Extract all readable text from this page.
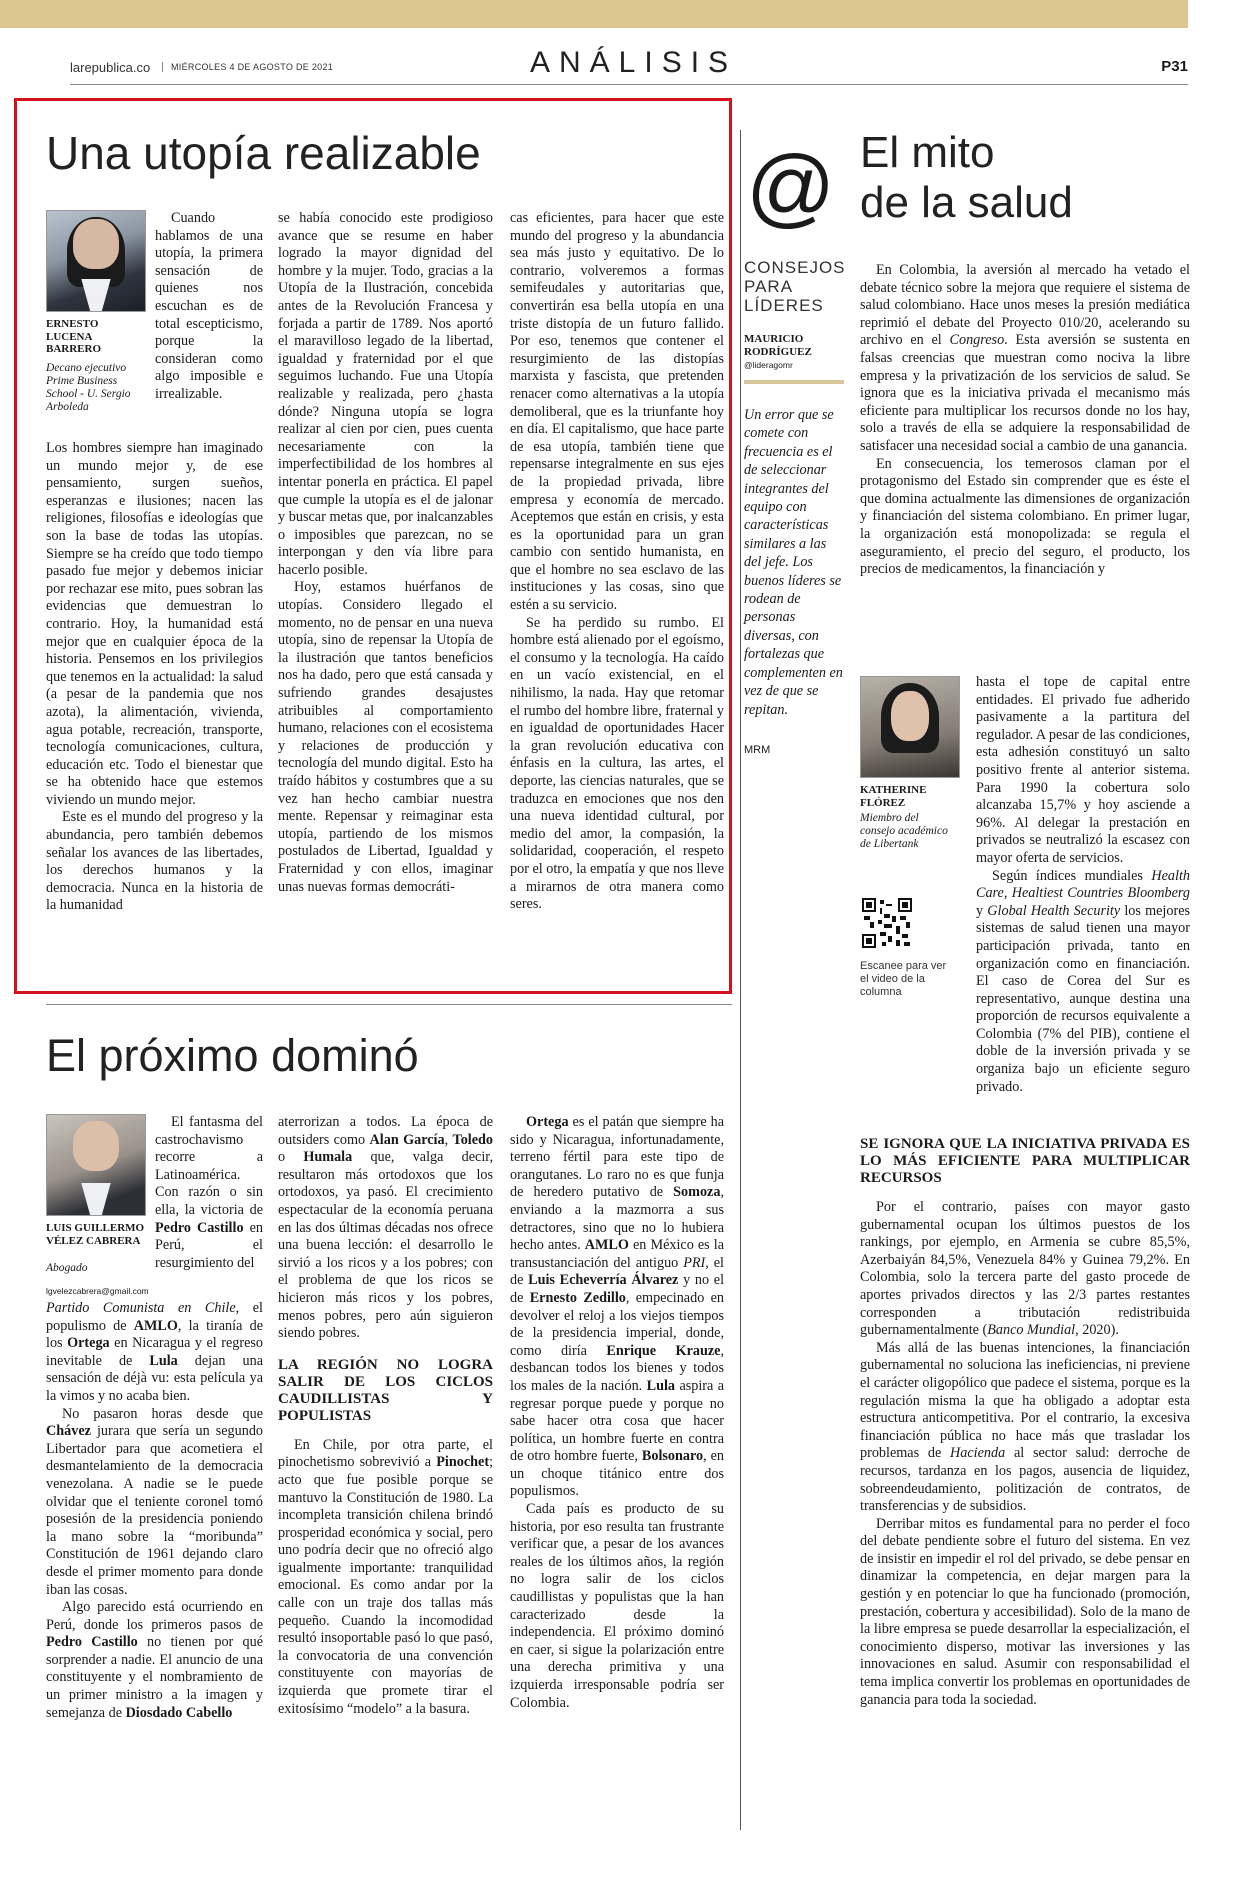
larepublica.co	MIÉRCOLES 4 DE AGOSTO DE 2021	ANÁLISIS	P31
Una utopía realizable
ERNESTO LUCENA BARRERO
Decano ejecutivo Prime Business School - U. Sergio Arboleda

Cuando hablamos de una utopía, la primera sensación de quienes nos escuchan es de total escepticismo, porque la consideran como algo imposible e irrealizable.

Los hombres siempre han imaginado un mundo mejor y, de ese pensamiento, surgen sueños, esperanzas e ilusiones; nacen las religiones, filosofías e ideologías que son la base de todas las utopías. Siempre se ha creído que todo tiempo pasado fue mejor y debemos iniciar por rechazar ese mito, pues sobran las evidencias que demuestran lo contrario. Hoy, la humanidad está mejor que en cualquier época de la historia. Pensemos en los privilegios que tenemos en la actualidad: la salud (a pesar de la pandemia que nos azota), la alimentación, vivienda, agua potable, recreación, transporte, tecnología comunicaciones, cultura, educación etc. Todo el bienestar que se ha obtenido hace que estemos viviendo un mundo mejor.

Este es el mundo del progreso y la abundancia, pero también debemos señalar los avances de las libertades, los derechos humanos y la democracia. Nunca en la historia de la humanidad

se había conocido este prodigioso avance que se resume en haber logrado la mayor dignidad del hombre y la mujer. Todo, gracias a la Utopía de la Ilustración, concebida antes de la Revolución Francesa y forjada a partir de 1789. Nos aportó el maravilloso legado de la libertad, igualdad y fraternidad por el que seguimos luchando. Fue una Utopía realizable y realizada, pero ¿hasta dónde? Ninguna utopía se logra realizar al cien por cien, pues cuenta necesariamente con la imperfectibilidad de los hombres al intentar ponerla en práctica. El papel que cumple la utopía es el de jalonar y buscar metas que, por inalcanzables o imposibles que parezcan, no se interpongan y den vía libre para hacerlo posible.

Hoy, estamos huérfanos de utopías. Considero llegado el momento, no de pensar en una nueva utopía, sino de repensar la Utopía de la ilustración que tantos beneficios nos ha dado, pero que está cansada y sufriendo grandes desajustes atribuibles al comportamiento humano, relaciones con el ecosistema y relaciones de producción y tecnología del mundo digital. Esto ha traído hábitos y costumbres que a su vez han hecho cambiar nuestra mente. Repensar y reimaginar esta utopía, partiendo de los mismos postulados de Libertad, Igualdad y Fraternidad y con ellos, imaginar unas nuevas formas democráti-

cas eficientes, para hacer que este mundo del progreso y la abundancia sea más justo y equitativo. De lo contrario, volveremos a formas semifeudales y autoritarias que, convertirán esa bella utopía en una triste distopía de un futuro fallido. Por eso, tenemos que contener el resurgimiento de las distopías marxista y fascista, que pretenden renacer como alternativas a la utopía demoliberal, que es la triunfante hoy en día. El capitalismo, que hace parte de esa utopía, también tiene que repensarse integralmente en sus ejes de la propiedad privada, libre empresa y economía de mercado. Aceptemos que están en crisis, y esta es la oportunidad para un gran cambio con sentido humanista, en que el hombre no sea esclavo de las instituciones y las cosas, sino que estén a su servicio.

Se ha perdido su rumbo. El hombre está alienado por el egoísmo, el consumo y la tecnología. Ha caído en un vacío existencial, en el nihilismo, la nada. Hay que retomar el rumbo del hombre libre, fraternal y en igualdad de oportunidades Hacer la gran revolución educativa con énfasis en la cultura, las artes, el deporte, las ciencias naturales, que se traduzca en emociones que nos den una nueva identidad cultural, por medio del amor, la compasión, la solidaridad, cooperación, el respeto por el otro, la empatía y que nos lleve a mirarnos de otra manera como seres.

@
CONSEJOS
PARA
LÍDERES
MAURICIO RODRÍGUEZ
@lideragomr
Un error que se comete con frecuencia es el de seleccionar integrantes del equipo con características similares a las del jefe. Los buenos líderes se rodean de personas diversas, con fortalezas que complementen en vez de que se repitan.
MRM
El próximo dominó
LUIS GUILLERMO VÉLEZ CABRERA
Abogado
lgvelezcabrera@gmail.com

El fantasma del castrochavismo recorre a Latinoamérica. Con razón o sin ella, la victoria de Pedro Castillo en Perú, el resurgimiento del

Partido Comunista en Chile, el populismo de AMLO, la tiranía de los Ortega en Nicaragua y el regreso inevitable de Lula dejan una sensación de déjà vu: esta película ya la vimos y no acaba bien.

No pasaron horas desde que Chávez jurara que sería un segundo Libertador para que acometiera el desmantelamiento de la democracia venezolana. A nadie se le puede olvidar que el teniente coronel tomó posesión de la presidencia poniendo la mano sobre la “moribunda” Constitución de 1961 dejando claro desde el primer momento para donde iban las cosas.

Algo parecido está ocurriendo en Perú, donde los primeros pasos de Pedro Castillo no tienen por qué sorprender a nadie. El anuncio de una constituyente y el nombramiento de un primer ministro a la imagen y semejanza de Diosdado Cabello

aterrorizan a todos. La época de outsiders como Alan García, Toledo o Humala que, valga decir, resultaron más ortodoxos que los ortodoxos, ya pasó. El crecimiento espectacular de la economía peruana en las dos últimas décadas nos ofrece una buena lección: el desarrollo le sirvió a los ricos y a los pobres; con el problema de que los ricos se hicieron más ricos y los pobres, menos pobres, pero aún siguieron siendo pobres.

LA REGIÓN NO LOGRA SALIR DE LOS CICLOS CAUDILLISTAS Y POPULISTAS

En Chile, por otra parte, el pinochetismo sobrevivió a Pinochet; acto que fue posible porque se mantuvo la Constitución de 1980. La incompleta transición chilena brindó prosperidad económica y social, pero uno podría decir que no ofreció algo igualmente importante: tranquilidad emocional. Es como andar por la calle con un traje dos tallas más pequeño. Cuando la incomodidad resultó insoportable pasó lo que pasó, la convocatoria de una convención constituyente con mayorías de izquierda que promete tirar el exitosísimo “modelo” a la basura.

Ortega es el patán que siempre ha sido y Nicaragua, infortunadamente, terreno fértil para este tipo de orangutanes. Lo raro no es que funja de heredero putativo de Somoza, enviando a la mazmorra a sus detractores, sino que no lo hubiera hecho antes. AMLO en México es la transustanciación del antiguo PRI, el de Luis Echeverría Álvarez y no el de Ernesto Zedillo, empecinado en devolver el reloj a los viejos tiempos de la presidencia imperial, donde, como diría Enrique Krauze, desbancan todos los bienes y todos los males de la nación. Lula aspira a regresar porque puede y porque no sabe hacer otra cosa que hacer política, un hombre fuerte en contra de otro hombre fuerte, Bolsonaro, en un choque titánico entre dos populismos.

Cada país es producto de su historia, por eso resulta tan frustrante verificar que, a pesar de los avances reales de los últimos años, la región no logra salir de los ciclos caudillistas y populistas que la han caracterizado desde la independencia. El próximo dominó en caer, si sigue la polarización entre una derecha primitiva y una izquierda irresponsable podría ser Colombia.

El mito
de la salud

En Colombia, la aversión al mercado ha vetado el debate técnico sobre la mejora que requiere el sistema de salud colombiano. Hace unos meses la presión mediática reprimió el debate del Proyecto 010/20, acelerando su archivo en el Congreso. Esta aversión se sustenta en falsas creencias que muestran como nociva la libre empresa y la privatización de los servicios de salud. Se ignora que es la iniciativa privada el mecanismo más eficiente para multiplicar los recursos donde no los hay, solo a través de ella se adquiere la responsabilidad de satisfacer una necesidad social a cambio de una ganancia.

En consecuencia, los temerosos claman por el protagonismo del Estado sin comprender que es éste el que domina actualmente las dimensiones de organización y financiación del sistema colombiano. En primer lugar, la organización está monopolizada: se regula el aseguramiento, el precio del seguro, el producto, los precios de medicamentos, la financiación y

KATHERINE FLÓREZ
Miembro del consejo académico de Libertank
Escanee para ver el video de la columna

hasta el tope de capital entre entidades. El privado fue adherido pasivamente a la partitura del regulador. A pesar de las condiciones, esta adhesión constituyó un salto positivo frente al anterior sistema. Para 1990 la cobertura solo alcanzaba 15,7% y hoy asciende a 96%. Al delegar la prestación en privados se neutralizó la escasez con mayor oferta de servicios.

Según índices mundiales Health Care, Healtiest Countries Bloomberg y Global Health Security los mejores sistemas de salud tienen una mayor participación privada, tanto en organización como en financiación. El caso de Corea del Sur es representativo, aunque destina una proporción de recursos equivalente a Colombia (7% del PIB), contiene el doble de la inversión privada y se organiza bajo un eficiente seguro privado.

SE IGNORA QUE LA INICIATIVA PRIVADA ES LO MÁS EFICIENTE PARA MULTIPLICAR RECURSOS

Por el contrario, países con mayor gasto gubernamental ocupan los últimos puestos de los rankings, por ejemplo, en Armenia se cubre 85,5%, Azerbaiyán 84,5%, Venezuela 84% y Guinea 79,2%. En Colombia, solo la tercera parte del gasto procede de aportes privados directos y las 2/3 partes restantes corresponden a tributación redistribuida gubernamentalmente (Banco Mundial, 2020).

Más allá de las buenas intenciones, la financiación gubernamental no soluciona las ineficiencias, ni previene el carácter oligopólico que padece el sistema, porque es la regulación misma la que ha obligado a adoptar esta estructura anticompetitiva. Por el contrario, la excesiva financiación pública no hace más que trasladar los problemas de Hacienda al sector salud: derroche de recursos, tardanza en los pagos, ausencia de liquidez, sobreendeudamiento, politización de contratos, de transferencias y de subsidios.

Derribar mitos es fundamental para no perder el foco del debate pendiente sobre el futuro del sistema. En vez de insistir en impedir el rol del privado, se debe pensar en dinamizar la competencia, en dejar margen para la gestión y en potenciar lo que ha funcionado (promoción, prestación, cobertura y accesibilidad). Solo de la mano de la libre empresa se puede desarrollar la especialización, el conocimiento disperso, motivar las inversiones y las innovaciones en salud. Asumir con responsabilidad el tema implica convertir los problemas en oportunidades de ganancia para toda la sociedad.
